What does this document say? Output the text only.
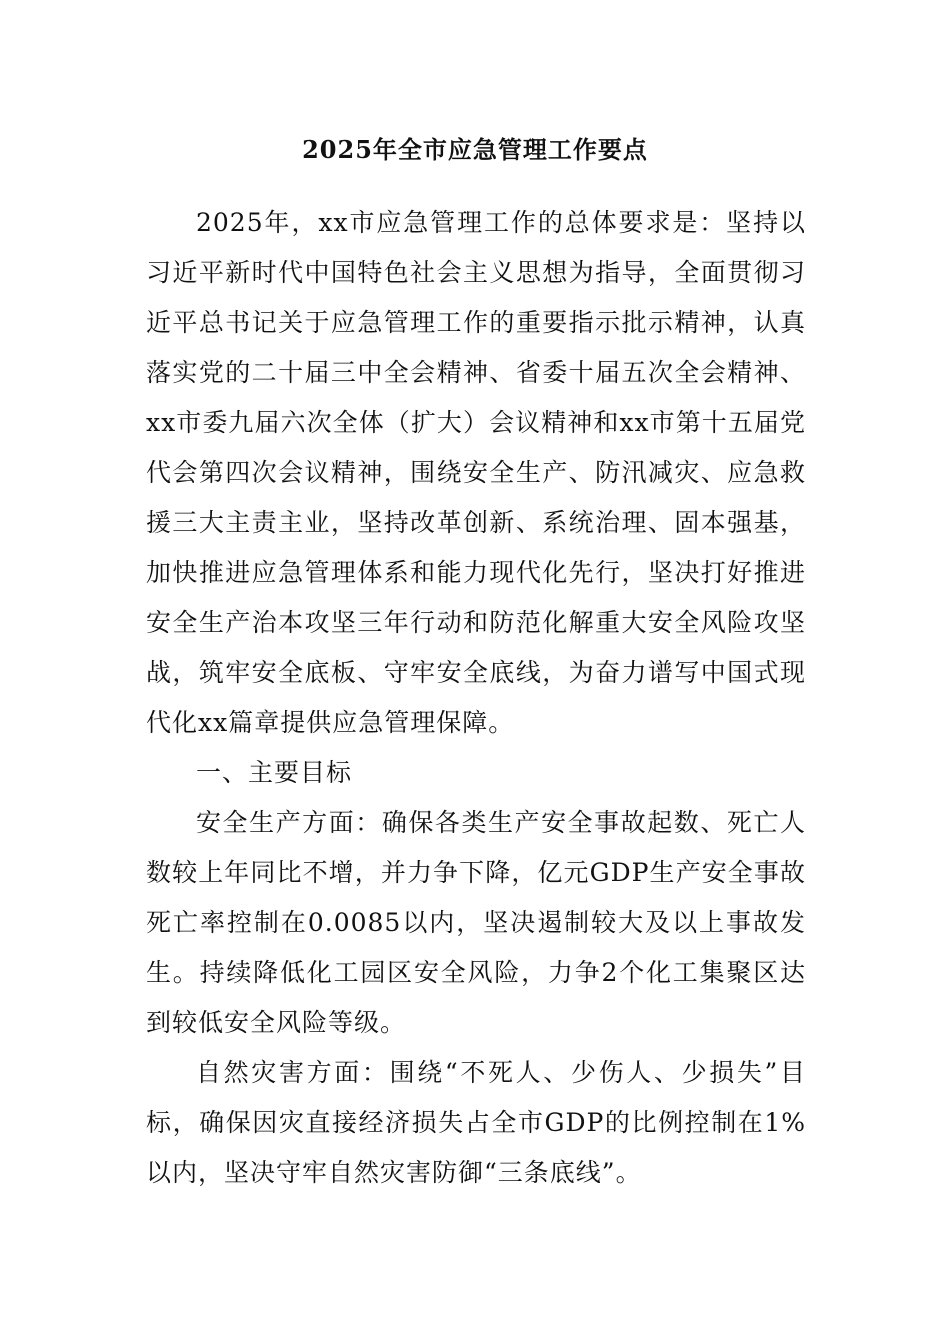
2025年全市应急管理工作要点

2025年，xx市应急管理工作的总体要求是：坚持以习近平新时代中国特色社会主义思想为指导，全面贯彻习近平总书记关于应急管理工作的重要指示批示精神，认真落实党的二十届三中全会精神、省委十届五次全会精神、xx市委九届六次全体（扩大）会议精神和xx市第十五届党代会第四次会议精神，围绕安全生产、防汛减灾、应急救援三大主责主业，坚持改革创新、系统治理、固本强基，加快推进应急管理体系和能力现代化先行，坚决打好推进安全生产治本攻坚三年行动和防范化解重大安全风险攻坚战，筑牢安全底板、守牢安全底线，为奋力谱写中国式现代化xx篇章提供应急管理保障。

一、主要目标

安全生产方面：确保各类生产安全事故起数、死亡人数较上年同比不增，并力争下降，亿元GDP生产安全事故死亡率控制在0.0085以内，坚决遏制较大及以上事故发生。持续降低化工园区安全风险，力争2个化工集聚区达到较低安全风险等级。

自然灾害方面：围绕“不死人、少伤人、少损失”目标，确保因灾直接经济损失占全市GDP的比例控制在1%以内，坚决守牢自然灾害防御“三条底线”。
